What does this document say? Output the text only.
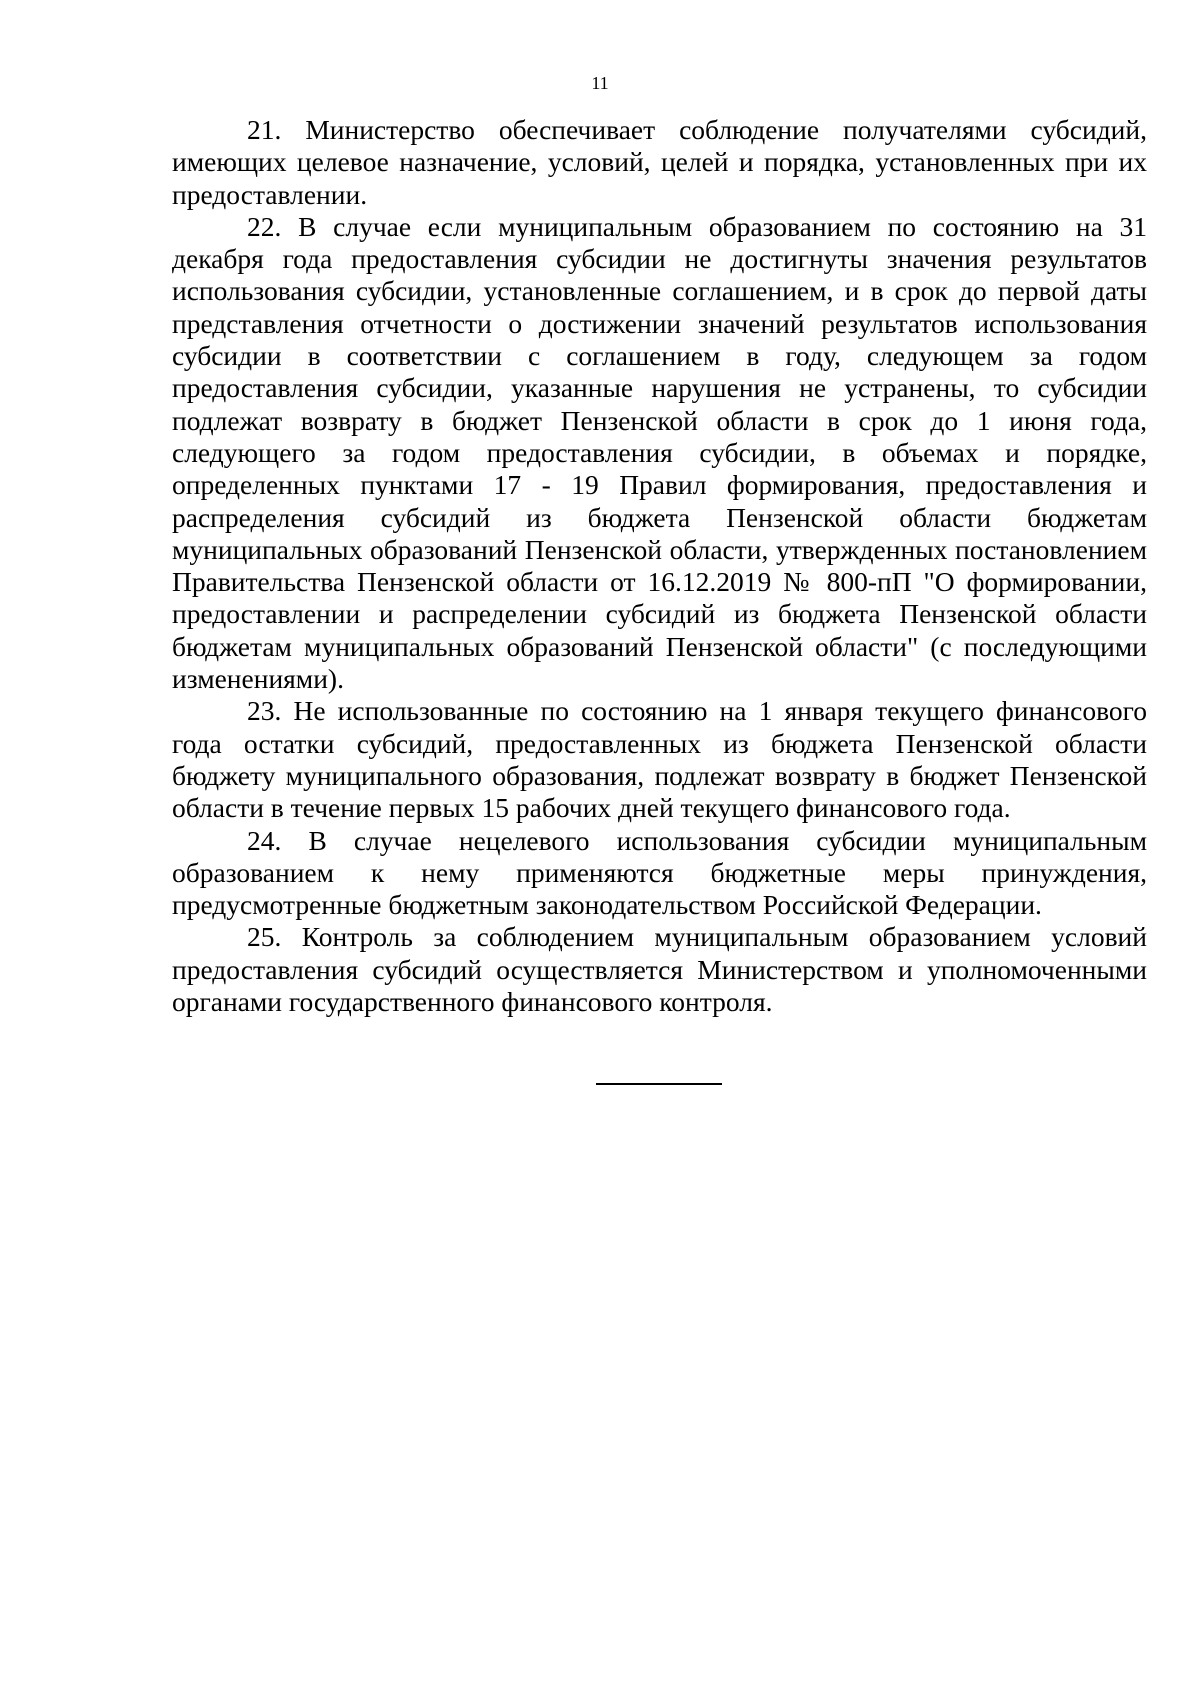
11

21. Министерство обеспечивает соблюдение получателями субсидий, имеющих целевое назначение, условий, целей и порядка, установленных при их предоставлении.

22. В случае если муниципальным образованием по состоянию на 31 декабря года предоставления субсидии не достигнуты значения результатов использования субсидии, установленные соглашением, и в срок до первой даты представления отчетности о достижении значений результатов использования субсидии в соответствии с соглашением в году, следующем за годом предоставления субсидии, указанные нарушения не устранены, то субсидии подлежат возврату в бюджет Пензенской области в срок до 1 июня года, следующего за годом предоставления субсидии, в объемах и порядке, определенных пунктами 17 - 19 Правил формирования, предоставления и распределения субсидий из бюджета Пензенской области бюджетам муниципальных образований Пензенской области, утвержденных постановлением Правительства Пензенской области от 16.12.2019 № 800-пП "О формировании, предоставлении и распределении субсидий из бюджета Пензенской области бюджетам муниципальных образований Пензенской области" (с последующими изменениями).

23. Не использованные по состоянию на 1 января текущего финансового года остатки субсидий, предоставленных из бюджета Пензенской области бюджету муниципального образования, подлежат возврату в бюджет Пензенской области в течение первых 15 рабочих дней текущего финансового года.

24. В случае нецелевого использования субсидии муниципальным образованием к нему применяются бюджетные меры принуждения, предусмотренные бюджетным законодательством Российской Федерации.

25. Контроль за соблюдением муниципальным образованием условий предоставления субсидий осуществляется Министерством и уполномоченными органами государственного финансового контроля.
